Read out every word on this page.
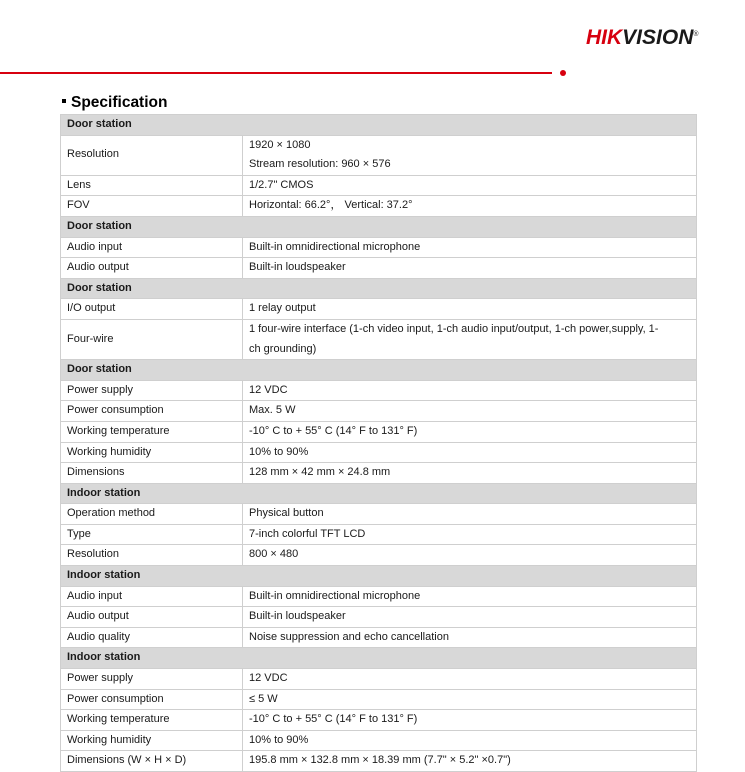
HIKVISION®
Specification
Door station	
Resolution	1920 × 1080
Stream resolution: 960 × 576

Lens	1/2.7" CMOS

FOV	Horizontal: 66.2°， Vertical: 37.2°

Door station	
Audio input	Built-in omnidirectional microphone

Audio output	Built-in loudspeaker

Door station	
I/O output	1 relay output

Four-wire	1 four-wire interface (1-ch video input, 1-ch audio input/output, 1-ch power,supply, 1-
ch grounding)

Door station	
Power supply	12 VDC

Power consumption	Max. 5 W

Working temperature	-10° C to + 55° C (14° F to 131° F)

Working humidity	10% to 90%

Dimensions	128 mm × 42 mm × 24.8 mm

Indoor station	
Operation method	Physical button

Type	7-inch colorful TFT LCD

Resolution	800 × 480

Indoor station	
Audio input	Built-in omnidirectional microphone

Audio output	Built-in loudspeaker

Audio quality	Noise suppression and echo cancellation

Indoor station	
Power supply	12 VDC

Power consumption	≤ 5 W

Working temperature	-10° C to + 55° C (14° F to 131° F)

Working humidity	10% to 90%

Dimensions (W × H × D)	195.8 mm × 132.8 mm × 18.39 mm (7.7" × 5.2" ×0.7")
